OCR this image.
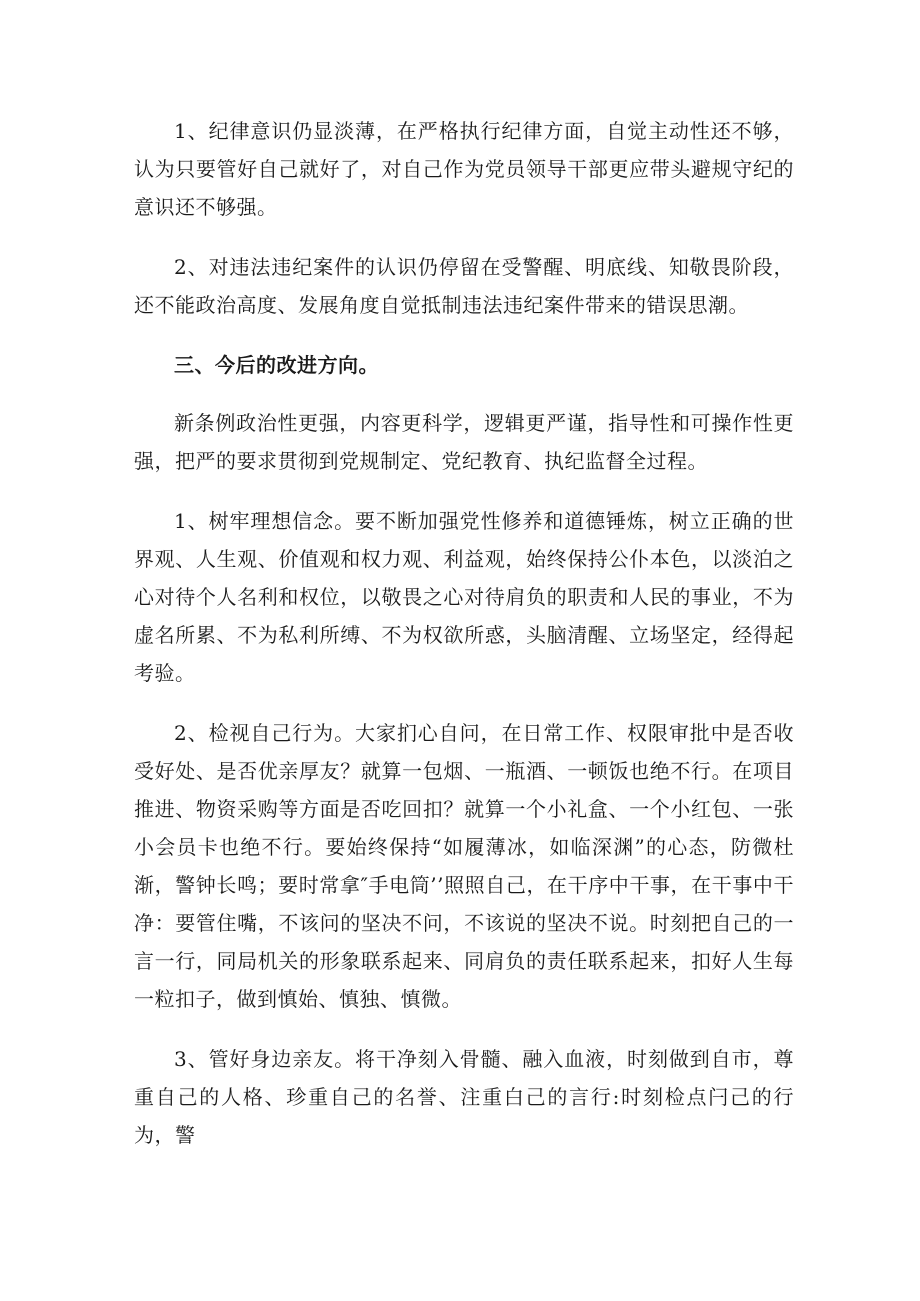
1、纪律意识仍显淡薄，在严格执行纪律方面，自觉主动性还不够，认为只要管好自己就好了，对自己作为党员领导干部更应带头避规守纪的意识还不够强。

2、对违法违纪案件的认识仍停留在受警醒、明底线、知敬畏阶段，还不能政治高度、发展角度自觉抵制违法违纪案件带来的错误思潮。

三、今后的改进方向。

新条例政治性更强，内容更科学，逻辑更严谨，指导性和可操作性更强，把严的要求贯彻到党规制定、党纪教育、执纪监督全过程。

1、树牢理想信念。要不断加强党性修养和道德锤炼，树立正确的世界观、人生观、价值观和权力观、利益观，始终保持公仆本色，以淡泊之心对待个人名利和权位，以敬畏之心对待肩负的职责和人民的事业，不为虚名所累、不为私利所缚、不为权欲所惑，头脑清醒、立场坚定，经得起考验。

2、检视自己行为。大家扪心自问，在日常工作、权限审批中是否收受好处、是否优亲厚友？就算一包烟、一瓶酒、一顿饭也绝不行。在项目推进、物资采购等方面是否吃回扣？就算一个小礼盒、一个小红包、一张小会员卡也绝不行。要始终保持“如履薄冰，如临深渊”的心态，防微杜渐，警钟长鸣；要时常拿″手电筒’’照照自己，在干序中干事，在干事中干净：要管住嘴，不该问的坚决不问，不该说的坚决不说。时刻把自己的一言一行，同局机关的形象联系起来、同肩负的责任联系起来，扣好人生每一粒扣子，做到慎始、慎独、慎微。

3、管好身边亲友。将干净刻入骨髓、融入血液，时刻做到自市，尊重自己的人格、珍重自己的名誉、注重白己的言行:时刻检点闩己的行为，警
